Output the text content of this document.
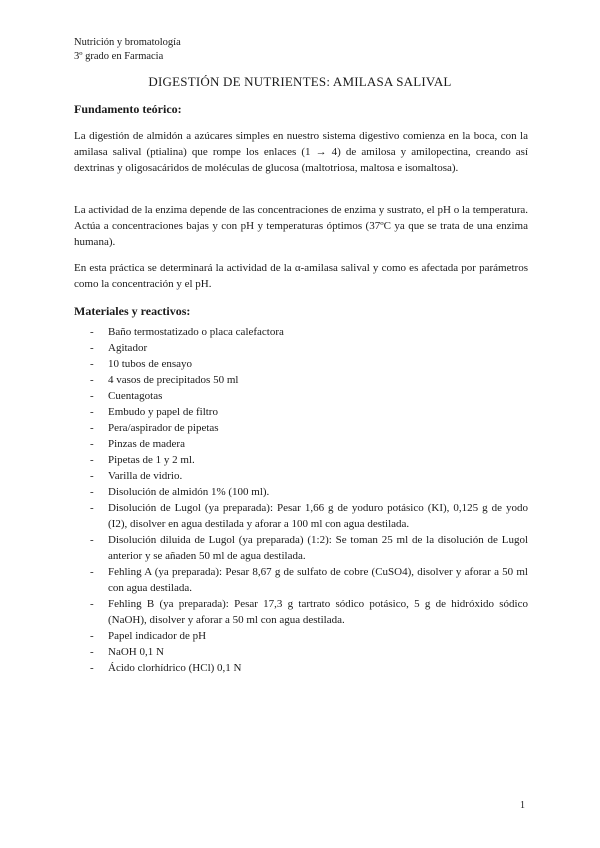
Nutrición y bromatología
3º grado en Farmacia
DIGESTIÓN DE NUTRIENTES: AMILASA SALIVAL
Fundamento teórico:

La digestión de almidón a azúcares simples en nuestro sistema digestivo comienza en la boca, con la amilasa salival (ptialina) que rompe los enlaces (1 → 4) de amilosa y amilopectina, creando así dextrinas y oligosacáridos de moléculas de glucosa (maltotriosa, maltosa e isomaltosa).

La actividad de la enzima depende de las concentraciones de enzima y sustrato, el pH o la temperatura. Actúa a concentraciones bajas y con pH y temperaturas óptimos (37ºC ya que se trata de una enzima humana).

En esta práctica se determinará la actividad de la α-amilasa salival y como es afectada por parámetros como la concentración y el pH.

Materiales y reactivos:
- Baño termostatizado o placa calefactora
- Agitador
- 10 tubos de ensayo
- 4 vasos de precipitados 50 ml
- Cuentagotas
- Embudo y papel de filtro
- Pera/aspirador de pipetas
- Pinzas de madera
- Pipetas de 1 y 2 ml.
- Varilla de vidrio.
- Disolución de almidón 1% (100 ml).
- Disolución de Lugol (ya preparada): Pesar 1,66 g de yoduro potásico (KI), 0,125 g de yodo (I2), disolver en agua destilada y aforar a 100 ml con agua destilada.
- Disolución diluida de Lugol (ya preparada) (1:2): Se toman 25 ml de la disolución de Lugol anterior y se añaden 50 ml de agua destilada.
- Fehling A (ya preparada): Pesar 8,67 g de sulfato de cobre (CuSO4), disolver y aforar a 50 ml con agua destilada.
- Fehling B (ya preparada): Pesar 17,3 g tartrato sódico potásico, 5 g de hidróxido sódico (NaOH), disolver y aforar a 50 ml con agua destilada.
- Papel indicador de pH
- NaOH 0,1 N
- Ácido clorhídrico (HCl) 0,1 N
1
